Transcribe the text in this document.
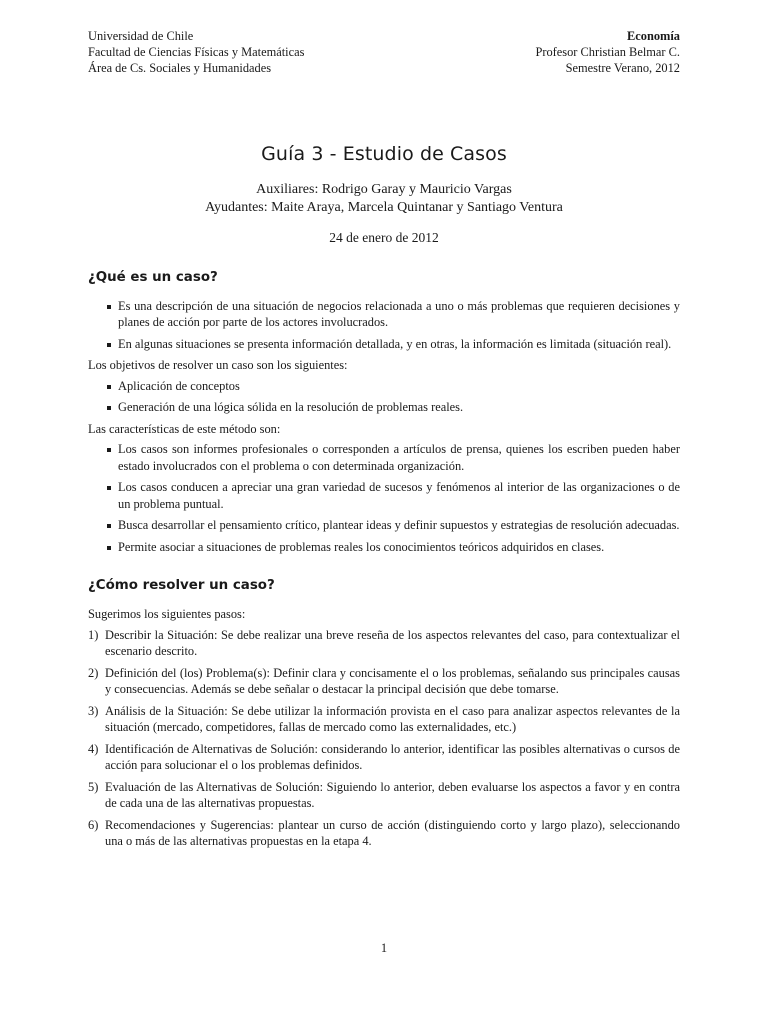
Universidad de Chile
Facultad de Ciencias Físicas y Matemáticas
Área de Cs. Sociales y Humanidades
Economía
Profesor Christian Belmar C.
Semestre Verano, 2012
Guía 3 - Estudio de Casos
Auxiliares: Rodrigo Garay y Mauricio Vargas
Ayudantes: Maite Araya, Marcela Quintanar y Santiago Ventura
24 de enero de 2012
¿Qué es un caso?
Es una descripción de una situación de negocios relacionada a uno o más problemas que requieren decisiones y planes de acción por parte de los actores involucrados.
En algunas situaciones se presenta información detallada, y en otras, la información es limitada (situación real).

Los objetivos de resolver un caso son los siguientes:

Aplicación de conceptos
Generación de una lógica sólida en la resolución de problemas reales.

Las características de este método son:

Los casos son informes profesionales o corresponden a artículos de prensa, quienes los escriben pueden haber estado involucrados con el problema o con determinada organización.
Los casos conducen a apreciar una gran variedad de sucesos y fenómenos al interior de las organizaciones o de un problema puntual.
Busca desarrollar el pensamiento crítico, plantear ideas y definir supuestos y estrategias de resolución adecuadas.
Permite asociar a situaciones de problemas reales los conocimientos teóricos adquiridos en clases.
¿Cómo resolver un caso?

Sugerimos los siguientes pasos:

1) Describir la Situación: Se debe realizar una breve reseña de los aspectos relevantes del caso, para contextualizar el escenario descrito.
2) Definición del (los) Problema(s): Definir clara y concisamente el o los problemas, señalando sus principales causas y consecuencias. Además se debe señalar o destacar la principal decisión que debe tomarse.
3) Análisis de la Situación: Se debe utilizar la información provista en el caso para analizar aspectos relevantes de la situación (mercado, competidores, fallas de mercado como las externalidades, etc.)
4) Identificación de Alternativas de Solución: considerando lo anterior, identificar las posibles alternativas o cursos de acción para solucionar el o los problemas definidos.
5) Evaluación de las Alternativas de Solución: Siguiendo lo anterior, deben evaluarse los aspectos a favor y en contra de cada una de las alternativas propuestas.
6) Recomendaciones y Sugerencias: plantear un curso de acción (distinguiendo corto y largo plazo), seleccionando una o más de las alternativas propuestas en la etapa 4.
1
